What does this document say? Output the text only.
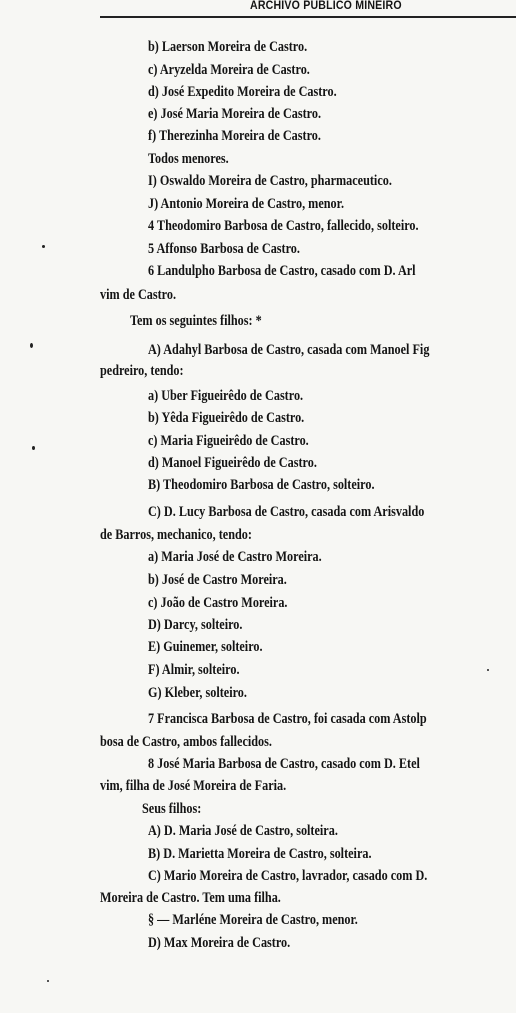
ARCHIVO PUBLICO MINEIRO
b) Laerson Moreira de Castro.
c) Aryzelda Moreira de Castro.
d) José Expedito Moreira de Castro.
e) José Maria Moreira de Castro.
f) Therezinha Moreira de Castro.
Todos menores.
I) Oswaldo Moreira de Castro, pharmaceutico.
J) Antonio Moreira de Castro, menor.
4 Theodomiro Barbosa de Castro, fallecido, solteiro.
5 Affonso Barbosa de Castro.
6 Landulpho Barbosa de Castro, casado com D. Arl
vim de Castro.
Tem os seguintes filhos: *
A) Adahyl Barbosa de Castro, casada com Manoel Fig
pedreiro, tendo:
a) Uber Figueirêdo de Castro.
b) Yêda Figueirêdo de Castro.
c) Maria Figueirêdo de Castro.
d) Manoel Figueirêdo de Castro.
B) Theodomiro Barbosa de Castro, solteiro.
C) D. Lucy Barbosa de Castro, casada com Arisvaldo
de Barros, mechanico, tendo:
a) Maria José de Castro Moreira.
b) José de Castro Moreira.
c) João de Castro Moreira.
D) Darcy, solteiro.
E) Guinemer, solteiro.
F) Almir, solteiro.
G) Kleber, solteiro.
7 Francisca Barbosa de Castro, foi casada com Astolp
bosa de Castro, ambos fallecidos.
8 José Maria Barbosa de Castro, casado com D. Etel
vim, filha de José Moreira de Faria.
Seus filhos:
A) D. Maria José de Castro, solteira.
B) D. Marietta Moreira de Castro, solteira.
C) Mario Moreira de Castro, lavrador, casado com D.
Moreira de Castro. Tem uma filha.
§ — Marléne Moreira de Castro, menor.
D) Max Moreira de Castro.
